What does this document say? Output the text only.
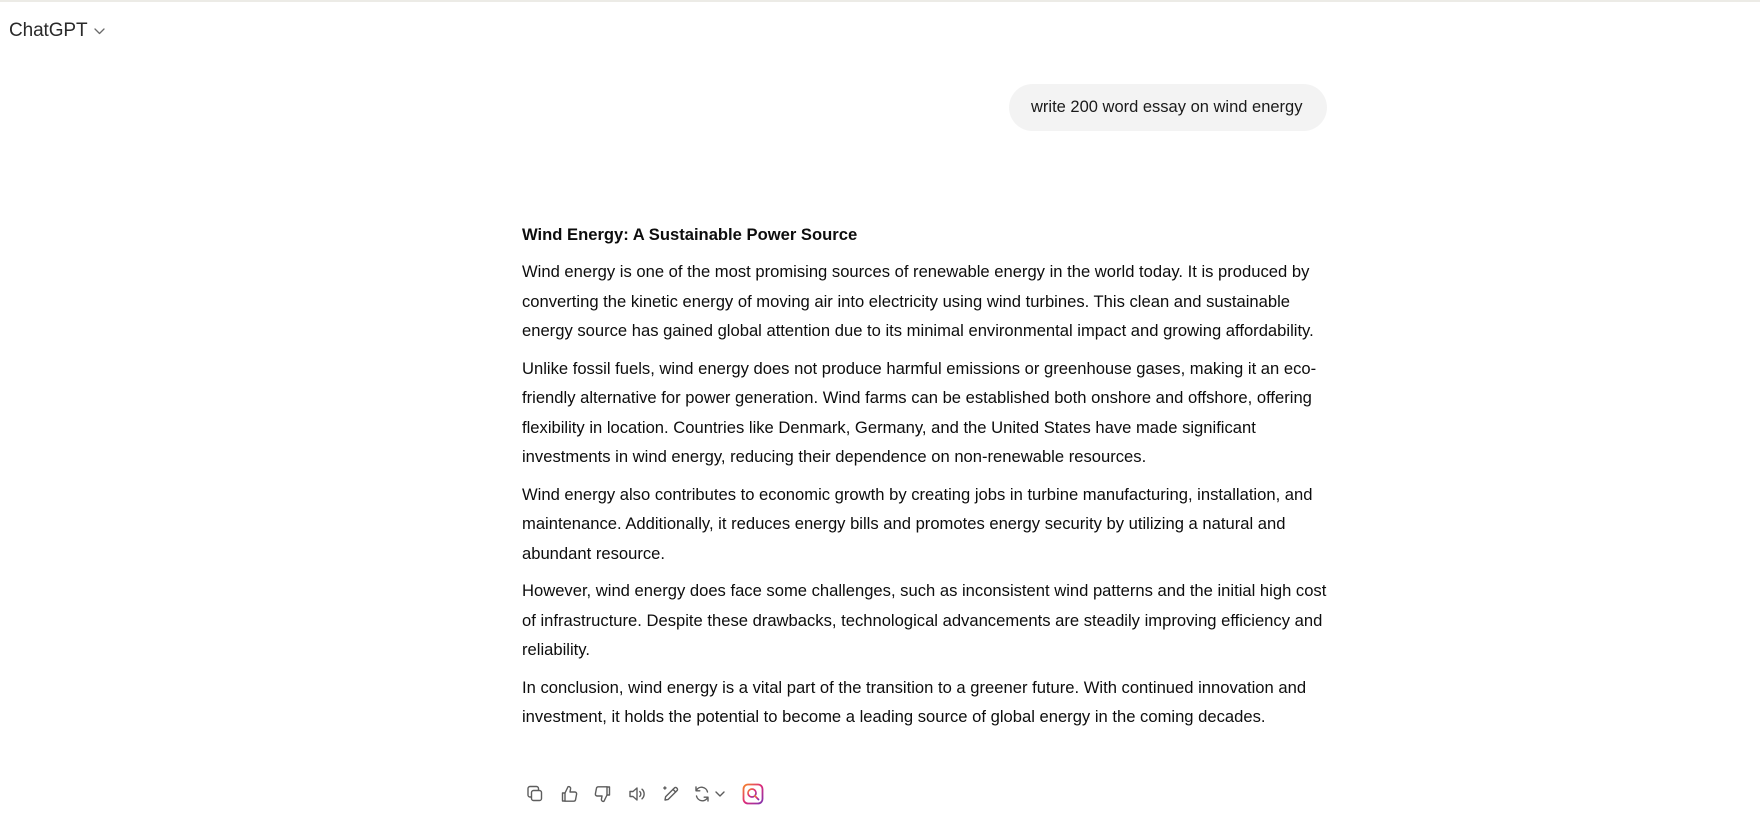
ChatGPT
write 200 word essay on wind energy
Wind Energy: A Sustainable Power Source

Wind energy is one of the most promising sources of renewable energy in the world today. It is produced by converting the kinetic energy of moving air into electricity using wind turbines. This clean and sustainable energy source has gained global attention due to its minimal environmental impact and growing affordability.

Unlike fossil fuels, wind energy does not produce harmful emissions or greenhouse gases, making it an eco-friendly alternative for power generation. Wind farms can be established both onshore and offshore, offering flexibility in location. Countries like Denmark, Germany, and the United States have made significant investments in wind energy, reducing their dependence on non-renewable resources.

Wind energy also contributes to economic growth by creating jobs in turbine manufacturing, installation, and maintenance. Additionally, it reduces energy bills and promotes energy security by utilizing a natural and abundant resource.

However, wind energy does face some challenges, such as inconsistent wind patterns and the initial high cost of infrastructure. Despite these drawbacks, technological advancements are steadily improving efficiency and reliability.

In conclusion, wind energy is a vital part of the transition to a greener future. With continued innovation and investment, it holds the potential to become a leading source of global energy in the coming decades.
